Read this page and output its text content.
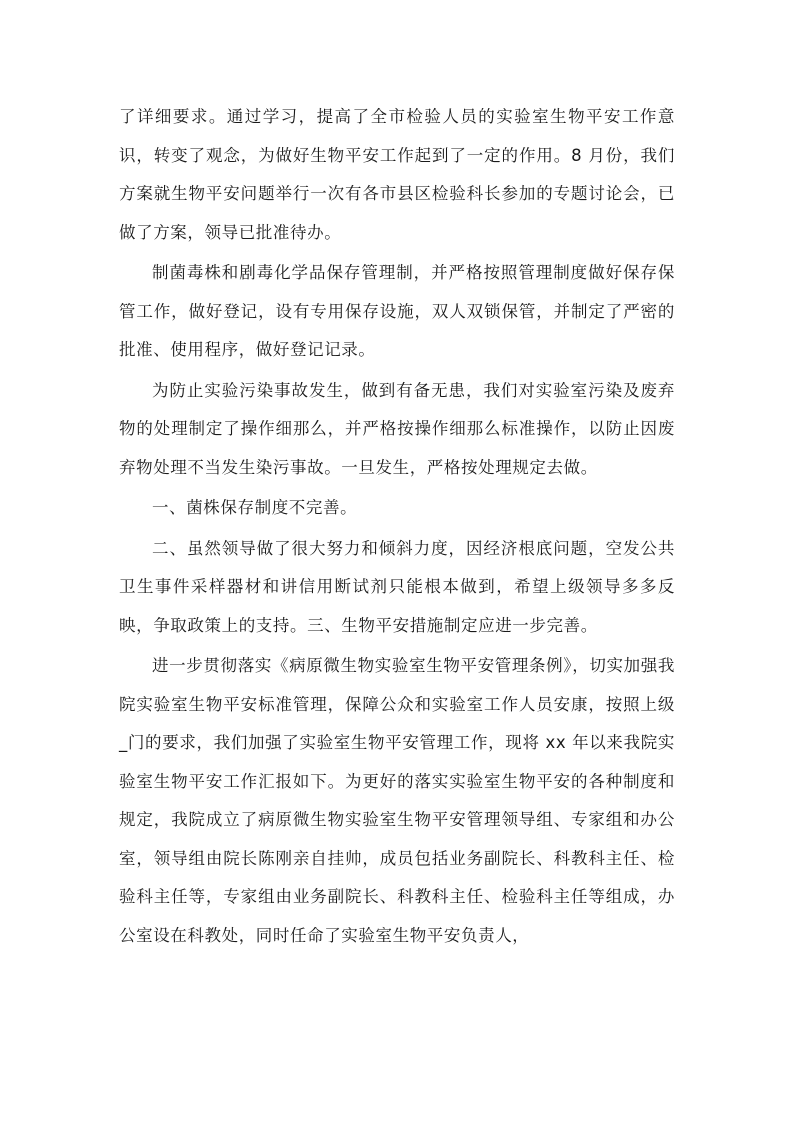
了详细要求。通过学习，提高了全市检验人员的实验室生物平安工作意识，转变了观念，为做好生物平安工作起到了一定的作用。8 月份，我们方案就生物平安问题举行一次有各市县区检验科长参加的专题讨论会，已做了方案，领导已批准待办。

制菌毒株和剧毒化学品保存管理制，并严格按照管理制度做好保存保管工作，做好登记，设有专用保存设施，双人双锁保管，并制定了严密的批准、使用程序，做好登记记录。

为防止实验污染事故发生，做到有备无患，我们对实验室污染及废弃物的处理制定了操作细那么，并严格按操作细那么标准操作，以防止因废弃物处理不当发生染污事故。一旦发生，严格按处理规定去做。

一、菌株保存制度不完善。

二、虽然领导做了很大努力和倾斜力度，因经济根底问题，空发公共卫生事件采样器材和讲信用断试剂只能根本做到，希望上级领导多多反映，争取政策上的支持。三、生物平安措施制定应进一步完善。

进一步贯彻落实《病原微生物实验室生物平安管理条例》，切实加强我院实验室生物平安标准管理，保障公众和实验室工作人员安康，按照上级_门的要求，我们加强了实验室生物平安管理工作，现将 xx 年以来我院实验室生物平安工作汇报如下。为更好的落实实验室生物平安的各种制度和规定，我院成立了病原微生物实验室生物平安管理领导组、专家组和办公室，领导组由院长陈刚亲自挂帅，成员包括业务副院长、科教科主任、检验科主任等，专家组由业务副院长、科教科主任、检验科主任等组成，办公室设在科教处，同时任命了实验室生物平安负责人，
